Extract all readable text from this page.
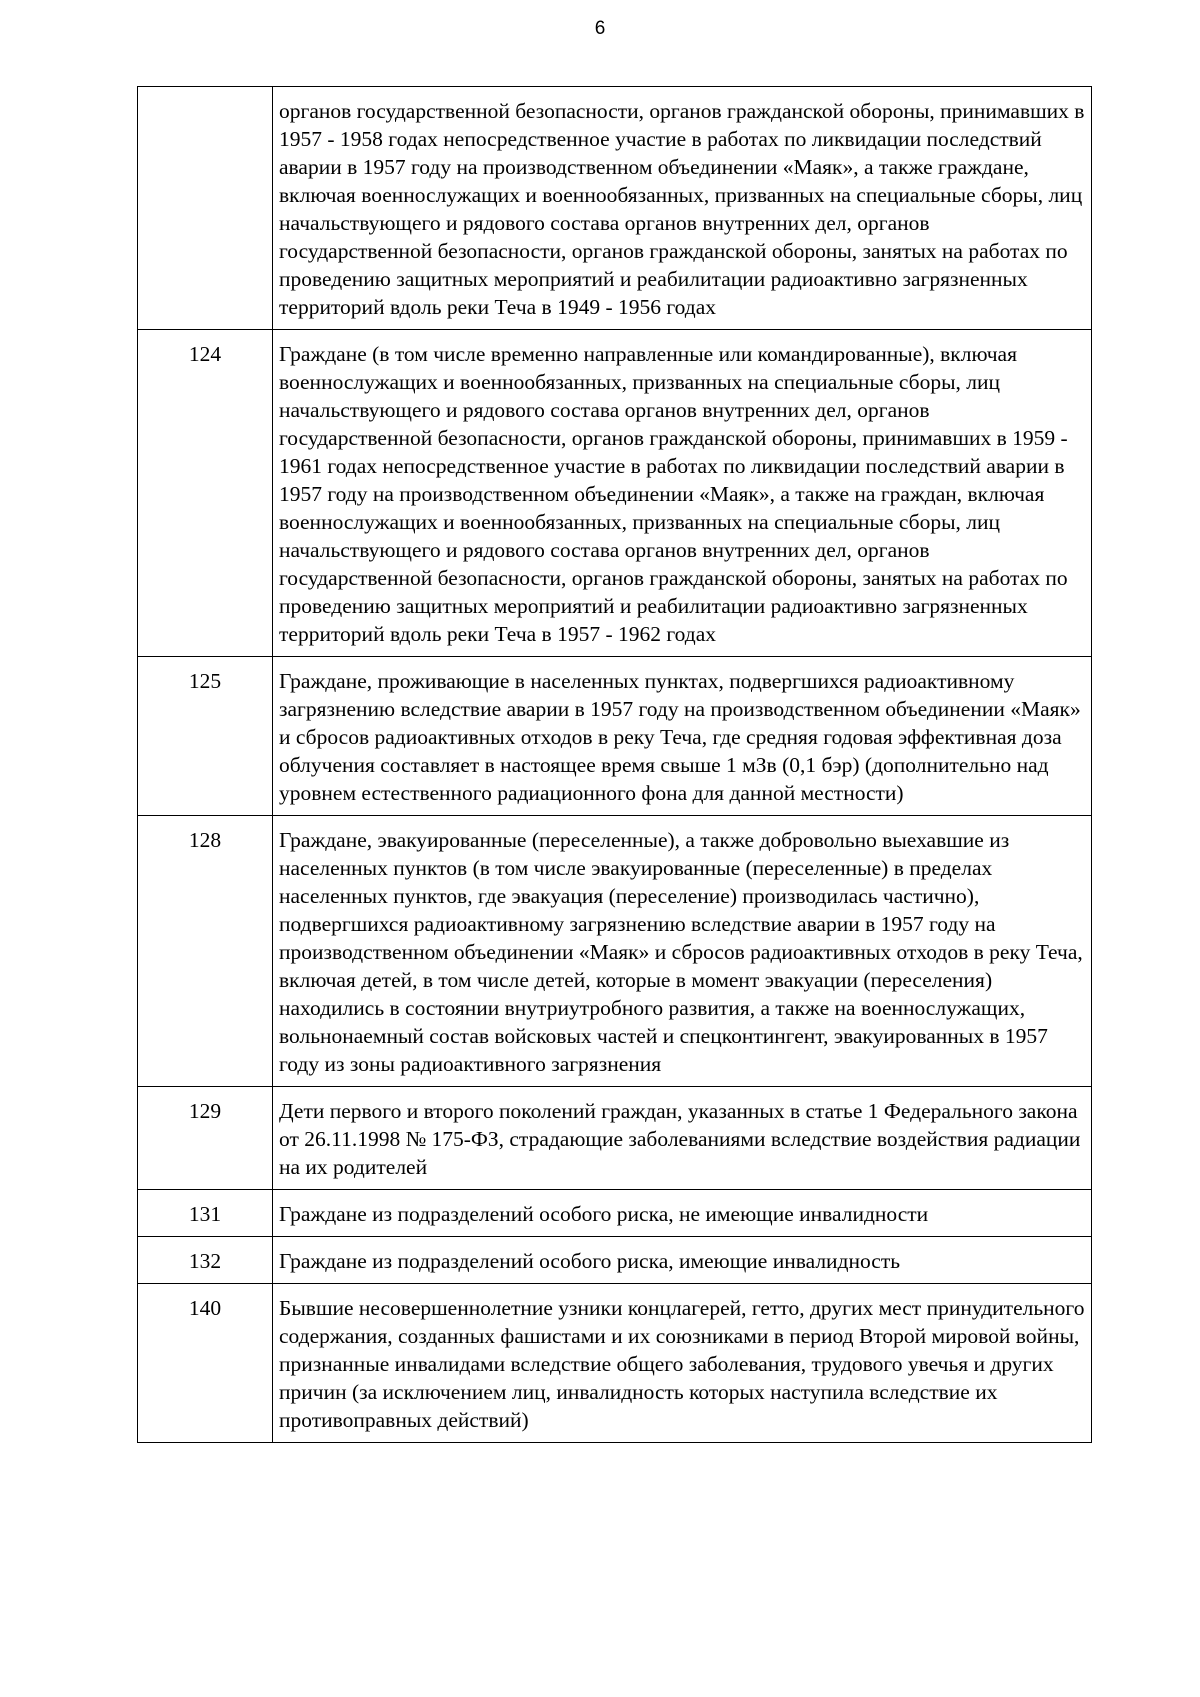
6
	органов государственной безопасности, органов гражданской обороны, принимавших в 1957 - 1958 годах непосредственное участие в работах по ликвидации последствий аварии в 1957 году на производственном объединении «Маяк», а также граждане, включая военнослужащих и военнообязанных, призванных на специальные сборы, лиц начальствующего и рядового состава органов внутренних дел, органов государственной безопасности, органов гражданской обороны, занятых на работах по проведению защитных мероприятий и реабилитации радиоактивно загрязненных территорий вдоль реки Теча в 1949 - 1956 годах
124	Граждане (в том числе временно направленные или командированные), включая военнослужащих и военнообязанных, призванных на специальные сборы, лиц начальствующего и рядового состава органов внутренних дел, органов государственной безопасности, органов гражданской обороны, принимавших в 1959 - 1961 годах непосредственное участие в работах по ликвидации последствий аварии в 1957 году на производственном объединении «Маяк», а также на граждан, включая военнослужащих и военнообязанных, призванных на специальные сборы, лиц начальствующего и рядового состава органов внутренних дел, органов государственной безопасности, органов гражданской обороны, занятых на работах по проведению защитных мероприятий и реабилитации радиоактивно загрязненных территорий вдоль реки Теча в 1957 - 1962 годах
125	Граждане, проживающие в населенных пунктах, подвергшихся радиоактивному загрязнению вследствие аварии в 1957 году на производственном объединении «Маяк» и сбросов радиоактивных отходов в реку Теча, где средняя годовая эффективная доза облучения составляет в настоящее время свыше 1 мЗв (0,1 бэр) (дополнительно над уровнем естественного радиационного фона для данной местности)
128	Граждане, эвакуированные (переселенные), а также добровольно выехавшие из населенных пунктов (в том числе эвакуированные (переселенные) в пределах населенных пунктов, где эвакуация (переселение) производилась частично), подвергшихся радиоактивному загрязнению вследствие аварии в 1957 году на производственном объединении «Маяк» и сбросов радиоактивных отходов в реку Теча, включая детей, в том числе детей, которые в момент эвакуации (переселения) находились в состоянии внутриутробного развития, а также на военнослужащих, вольнонаемный состав войсковых частей и спецконтингент, эвакуированных в 1957 году из зоны радиоактивного загрязнения
129	Дети первого и второго поколений граждан, указанных в статье 1 Федерального закона от 26.11.1998 № 175-ФЗ, страдающие заболеваниями вследствие воздействия радиации на их родителей
131	Граждане из подразделений особого риска, не имеющие инвалидности
132	Граждане из подразделений особого риска, имеющие инвалидность
140	Бывшие несовершеннолетние узники концлагерей, гетто, других мест принудительного содержания, созданных фашистами и их союзниками в период Второй мировой войны, признанные инвалидами вследствие общего заболевания, трудового увечья и других причин (за исключением лиц, инвалидность которых наступила вследствие их противоправных действий)
